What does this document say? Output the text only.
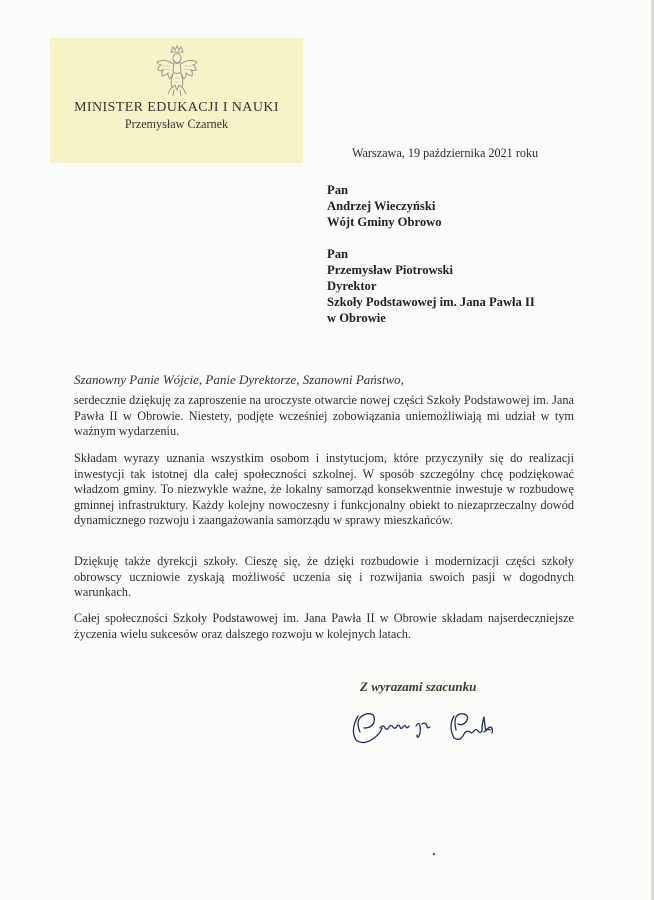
MINISTER EDUKACJI I NAUKI
Przemysław Czarnek
Warszawa, 19 października 2021 roku
Pan
Andrzej Wieczyński
Wójt Gminy Obrowo
Pan
Przemysław Piotrowski
Dyrektor
Szkoły Podstawowej im. Jana Pawła II
w Obrowie
Szanowny Panie Wójcie, Panie Dyrektorze, Szanowni Państwo,

serdecznie dziękuję za zaproszenie na uroczyste otwarcie nowej części Szkoły Podstawowej im. Jana Pawła II w Obrowie. Niestety, podjęte wcześniej zobowiązania uniemożliwiają mi udział w tym ważnym wydarzeniu.

Składam wyrazy uznania wszystkim osobom i instytucjom, które przyczyniły się do realizacji inwestycji tak istotnej dla całej społeczności szkolnej. W sposób szczególny chcę podziękować władzom gminy. To niezwykle ważne, że lokalny samorząd konsekwentnie inwestuje w rozbudowę gminnej infrastruktury. Każdy kolejny nowoczesny i funkcjonalny obiekt to niezaprzeczalny dowód dynamicznego rozwoju i zaangażowania samorządu w sprawy mieszkańców.

Dziękuję także dyrekcji szkoły. Cieszę się, że dzięki rozbudowie i modernizacji części szkoły obrowscy uczniowie zyskają możliwość uczenia się i rozwijania swoich pasji w dogodnych warunkach.

Całej społeczności Szkoły Podstawowej im. Jana Pawła II w Obrowie składam najserdeczniejsze życzenia wielu sukcesów oraz dalszego rozwoju w kolejnych latach.

Z wyrazami szacunku
